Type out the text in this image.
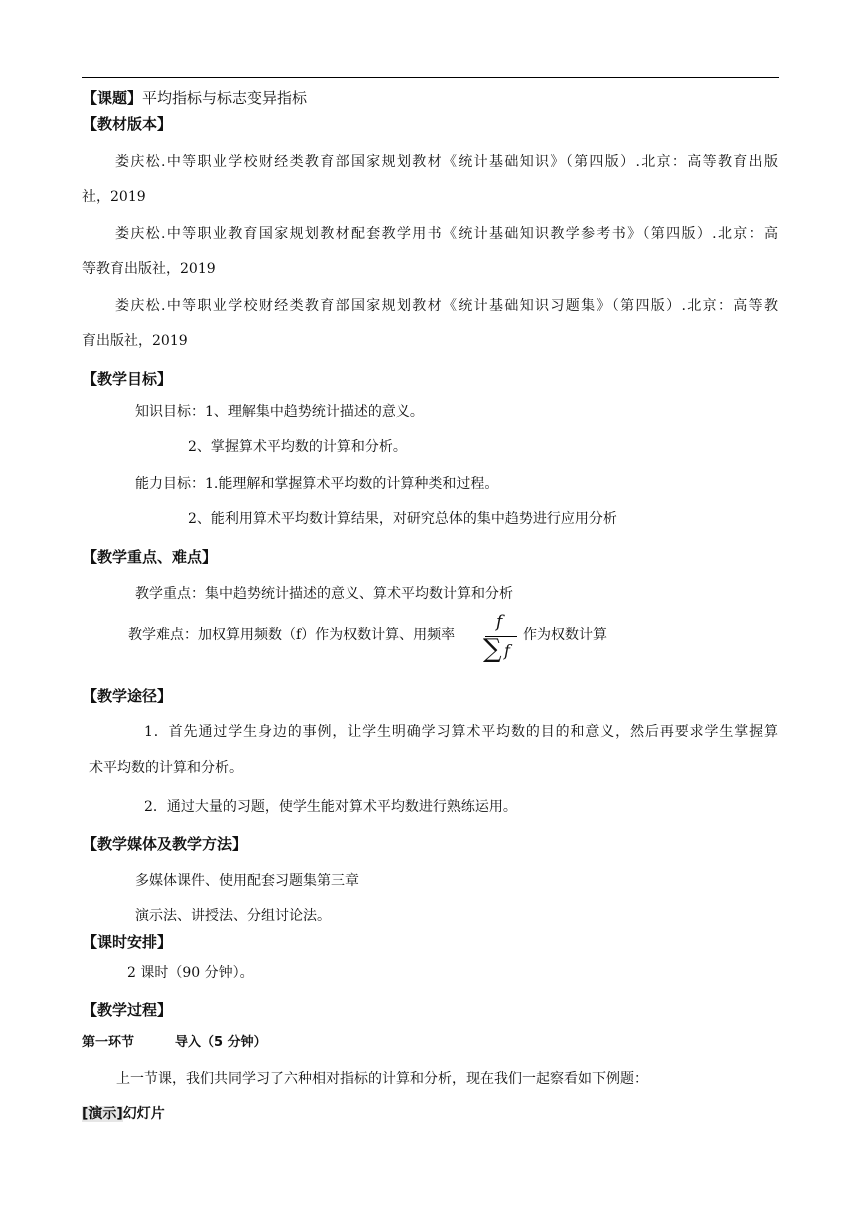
【课题】平均指标与标志变异指标
【教材版本】
娄庆松.中等职业学校财经类教育部国家规划教材《统计基础知识》（第四版）.北京：高等教育出版
社，2019
娄庆松.中等职业教育国家规划教材配套教学用书《统计基础知识教学参考书》（第四版）.北京：高
等教育出版社，2019
娄庆松.中等职业学校财经类教育部国家规划教材《统计基础知识习题集》（第四版）.北京：高等教
育出版社，2019
【教学目标】
知识目标：1、理解集中趋势统计描述的意义。
2、掌握算术平均数的计算和分析。
能力目标：1.能理解和掌握算术平均数的计算种类和过程。
2、能利用算术平均数计算结果，对研究总体的集中趋势进行应用分析
【教学重点、难点】
教学重点：集中趋势统计描述的意义、算术平均数计算和分析
教学难点：加权算用频数（f）作为权数计算、用频率
f
∑ f
作为权数计算
【教学途径】
1．首先通过学生身边的事例，让学生明确学习算术平均数的目的和意义，然后再要求学生掌握算
术平均数的计算和分析。
2．通过大量的习题，使学生能对算术平均数进行熟练运用。
【教学媒体及教学方法】
多媒体课件、使用配套习题集第三章
演示法、讲授法、分组讨论法。
【课时安排】
2 课时（90 分钟）。
【教学过程】
第一环节	导入（5 分钟）
上一节课，我们共同学习了六种相对指标的计算和分析，现在我们一起察看如下例题：
[演示]幻灯片
